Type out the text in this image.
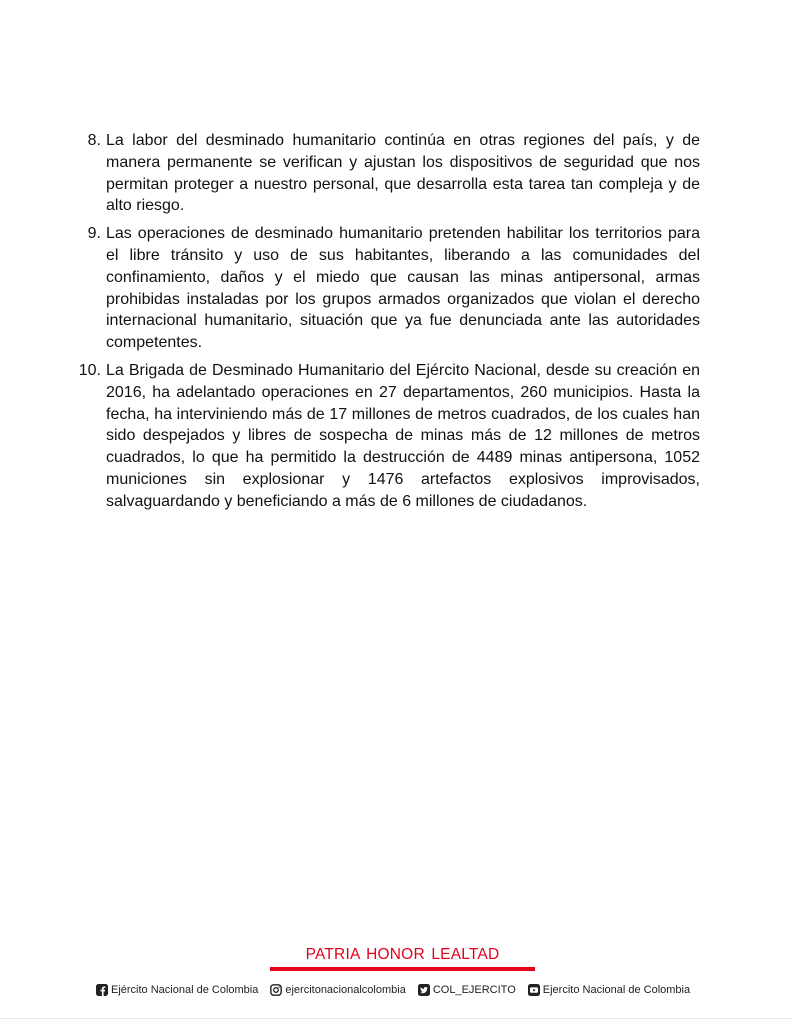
8. La labor del desminado humanitario continúa en otras regiones del país, y de manera permanente se verifican y ajustan los dispositivos de seguridad que nos permitan proteger a nuestro personal, que desarrolla esta tarea tan compleja y de alto riesgo.
9. Las operaciones de desminado humanitario pretenden habilitar los territorios para el libre tránsito y uso de sus habitantes, liberando a las comunidades del confinamiento, daños y el miedo que causan las minas antipersonal, armas prohibidas instaladas por los grupos armados organizados que violan el derecho internacional humanitario, situación que ya fue denunciada ante las autoridades competentes.
10. La Brigada de Desminado Humanitario del Ejército Nacional, desde su creación en 2016, ha adelantado operaciones en 27 departamentos, 260 municipios. Hasta la fecha, ha interviniendo más de 17 millones de metros cuadrados, de los cuales han sido despejados y libres de sospecha de minas más de 12 millones de metros cuadrados, lo que ha permitido la destrucción de 4489 minas antipersona, 1052 municiones sin explosionar y 1476 artefactos explosivos improvisados, salvaguardando y beneficiando a más de 6 millones de ciudadanos.
PATRIA HONOR LEALTAD
Ejército Nacional de Colombia ejercitonacionalcolombia COL_EJERCITO Ejercito Nacional de Colombia
